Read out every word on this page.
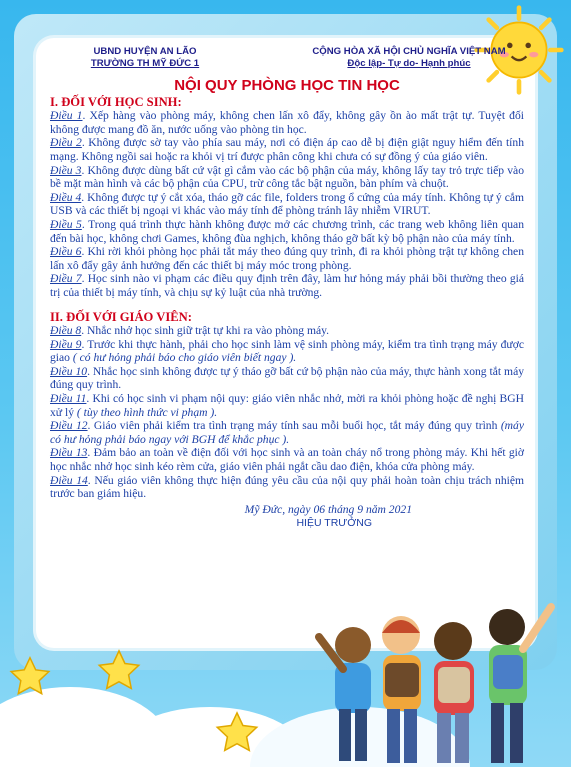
UBND HUYỆN AN LÃO
TRƯỜNG TH MỸ ĐỨC 1
CỘNG HÒA XÃ HỘI CHỦ NGHĨA VIỆT NAM
Độc lập- Tự do- Hạnh phúc
NỘI QUY PHÒNG HỌC TIN HỌC
I. ĐỐI VỚI HỌC SINH:

Điều 1. Xếp hàng vào phòng máy, không chen lấn xô đẩy, không gây ồn ào mất trật tự. Tuyệt đối không được mang đồ ăn, nước uống vào phòng tin học.

Điều 2. Không được sờ tay vào phía sau máy, nơi có điện áp cao dễ bị điện giật nguy hiểm đến tính mạng. Không ngồi sai hoặc ra khỏi vị trí được phân công khi chưa có sự đồng ý của giáo viên.

Điều 3. Không được dùng bất cứ vật gì cắm vào các bộ phận của máy, không lấy tay trỏ trực tiếp vào bề mặt màn hình và các bộ phận của CPU, trừ công tắc bật nguồn, bàn phím và chuột.

Điều 4. Không được tự ý cắt xóa, tháo gỡ các file, folders trong ổ cứng của máy tính. Không tự ý cắm USB và các thiết bị ngoại vi khác vào máy tính để phòng tránh lây nhiễm VIRUT.

Điều 5. Trong quá trình thực hành không được mở các chương trình, các trang web không liên quan đến bài học, không chơi Games, không đùa nghịch, không tháo gỡ bất kỳ bộ phận nào của máy tính.

Điều 6. Khi rời khỏi phòng học phải tắt máy theo đúng quy trình, đi ra khỏi phòng trật tự không chen lấn xô đẩy gây ảnh hưởng đến các thiết bị máy móc trong phòng.

Điều 7. Học sinh nào vi phạm các điều quy định trên đây, làm hư hỏng máy phải bồi thường theo giá trị của thiết bị máy tính, và chịu sự kỷ luật của nhà trường.

II. ĐỐI VỚI GIÁO VIÊN:

Điều 8. Nhắc nhở học sinh giữ trật tự khi ra vào phòng máy.

Điều 9. Trước khi thực hành, phải cho học sinh làm vệ sinh phòng máy, kiểm tra tình trạng máy được giao ( có hư hỏng phải báo cho giáo viên biết ngay ).

Điều 10. Nhắc học sinh không được tự ý tháo gỡ bất cứ bộ phận nào của máy, thực hành xong tắt máy đúng quy trình.

Điều 11. Khi có học sinh vi phạm nội quy: giáo viên nhắc nhở, mời ra khỏi phòng hoặc đề nghị BGH xử lý ( tùy theo hình thức vi phạm ).

Điều 12. Giáo viên phải kiểm tra tình trạng máy tính sau mỗi buổi học, tắt máy đúng quy trình (máy có hư hỏng phải báo ngay với BGH để khắc phục ).

Điều 13. Đảm bảo an toàn về điện đối với học sinh và an toàn cháy nổ trong phòng máy. Khi hết giờ học nhắc nhở học sinh kéo rèm cửa, giáo viên phải ngắt cầu dao điện, khóa cửa phòng máy.

Điều 14. Nếu giáo viên không thực hiện đúng yêu cầu của nội quy phải hoàn toàn chịu trách nhiệm trước ban giám hiệu.

Mỹ Đức, ngày 06 tháng 9 năm 2021
HIỆU TRƯỞNG
